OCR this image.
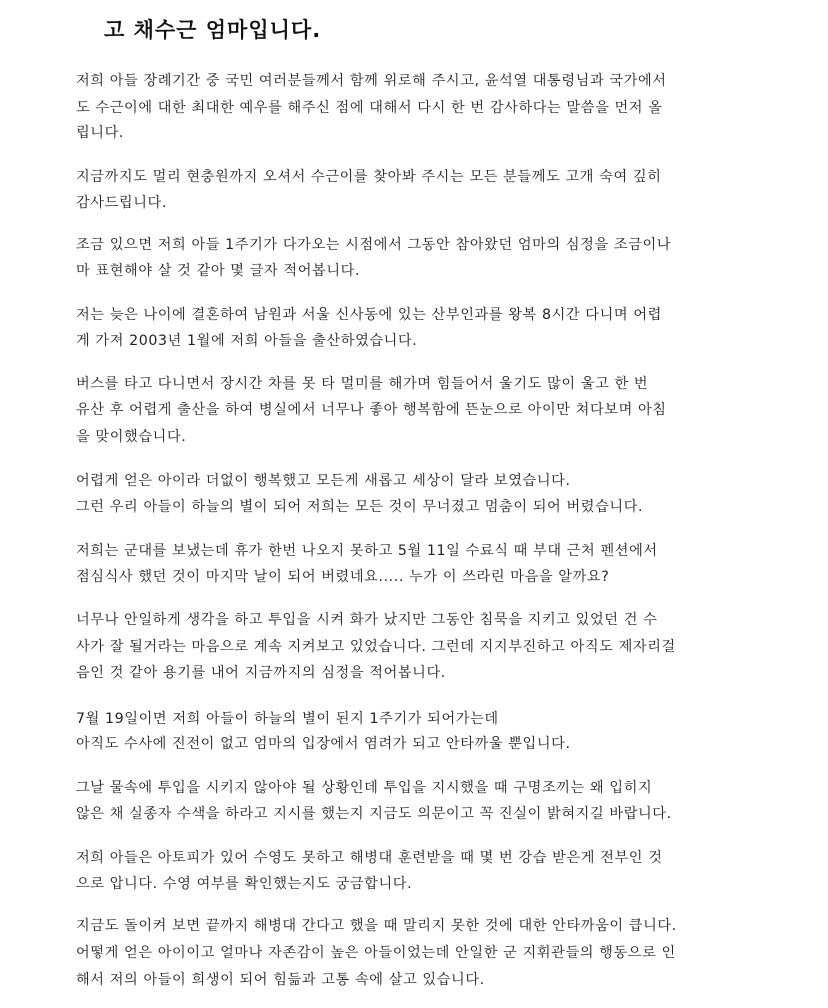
고 채수근 엄마입니다.
저희 아들 장례기간 중 국민 여러분들께서 함께 위로해 주시고, 윤석열 대통령님과 국가에서
도 수근이에 대한 최대한 예우를 해주신 점에 대해서 다시 한 번 감사하다는 말씀을 먼저 올
립니다.
지금까지도 멀리 현충원까지 오셔서 수근이를 찾아봐 주시는 모든 분들께도 고개 숙여 깊히
감사드립니다.
조금 있으면 저희 아들 1주기가 다가오는 시점에서 그동안 참아왔던 엄마의 심정을 조금이나
마 표현해야 살 것 같아 몇 글자 적어봅니다.
저는 늦은 나이에 결혼하여 남원과 서울 신사동에 있는 산부인과를 왕복 8시간 다니며 어렵
게 가져 2003년 1월에 저희 아들을 출산하였습니다.
버스를 타고 다니면서 장시간 차를 못 타 멀미를 해가며 힘들어서 울기도 많이 울고 한 번
유산 후 어렵게 출산을 하여 병실에서 너무나 좋아 행복함에 뜬눈으로 아이만 쳐다보며 아침
을 맞이했습니다.
어렵게 얻은 아이라 더없이 행복했고 모든게 새롭고 세상이 달라 보였습니다.
그런 우리 아들이 하늘의 별이 되어 저희는 모든 것이 무너졌고 멈춤이 되어 버렸습니다.
저희는 군대를 보냈는데 휴가 한번 나오지 못하고 5월 11일 수료식 때 부대 근처 펜션에서
점심식사 했던 것이 마지막 날이 되어 버렸네요..... 누가 이 쓰라린 마음을 알까요?
너무나 안일하게 생각을 하고 투입을 시켜 화가 났지만 그동안 침묵을 지키고 있었던 건 수
사가 잘 될거라는 마음으로 계속 지켜보고 있었습니다. 그런데 지지부진하고 아직도 제자리걸
음인 것 같아 용기를 내어 지금까지의 심정을 적어봅니다.
7월 19일이면 저희 아들이 하늘의 별이 된지 1주기가 되어가는데
아직도 수사에 진전이 없고 엄마의 입장에서 염려가 되고 안타까울 뿐입니다.
그날 물속에 투입을 시키지 않아야 될 상황인데 투입을 지시했을 때 구명조끼는 왜 입히지
않은 채 실종자 수색을 하라고 지시를 했는지 지금도 의문이고 꼭 진실이 밝혀지길 바랍니다.
저희 아들은 아토피가 있어 수영도 못하고 해병대 훈련받을 때 몇 번 강습 받은게 전부인 것
으로 압니다. 수영 여부를 확인했는지도 궁금합니다.
지금도 돌이켜 보면 끝까지 해병대 간다고 했을 때 말리지 못한 것에 대한 안타까움이 큽니다.
어떻게 얻은 아이이고 얼마나 자존감이 높은 아들이었는데 안일한 군 지휘관들의 행동으로 인
해서 저의 아들이 희생이 되어 힘듦과 고통 속에 살고 있습니다.
